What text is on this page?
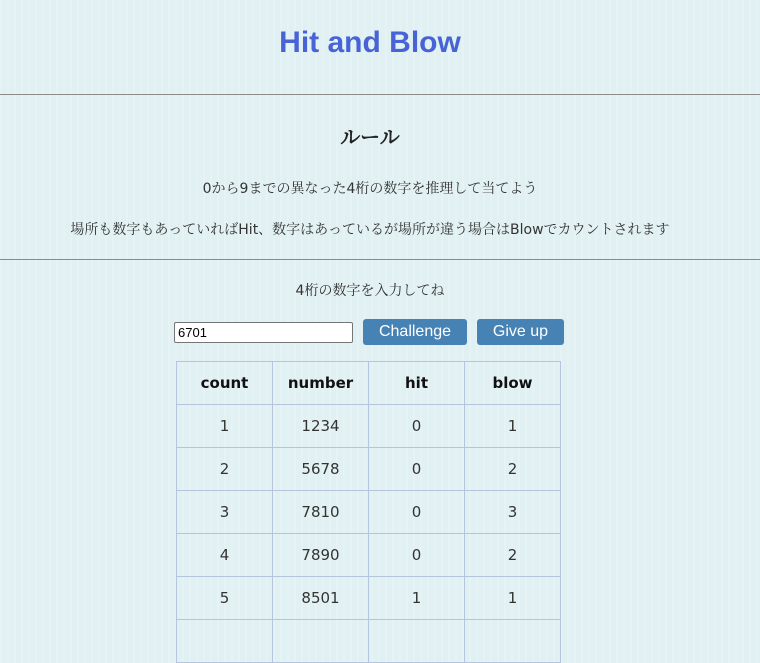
Hit and Blow
ルール

0から9までの異なった4桁の数字を推理して当てよう

場所も数字もあっていればHit、数字はあっているが場所が違う場合はBlowでカウントされます

4桁の数字を入力してね

6701
Challenge	Give up
count	number	hit	blow
1	1234	0	1
2	5678	0	2
3	7810	0	3
4	7890	0	2
5	8501	1	1
